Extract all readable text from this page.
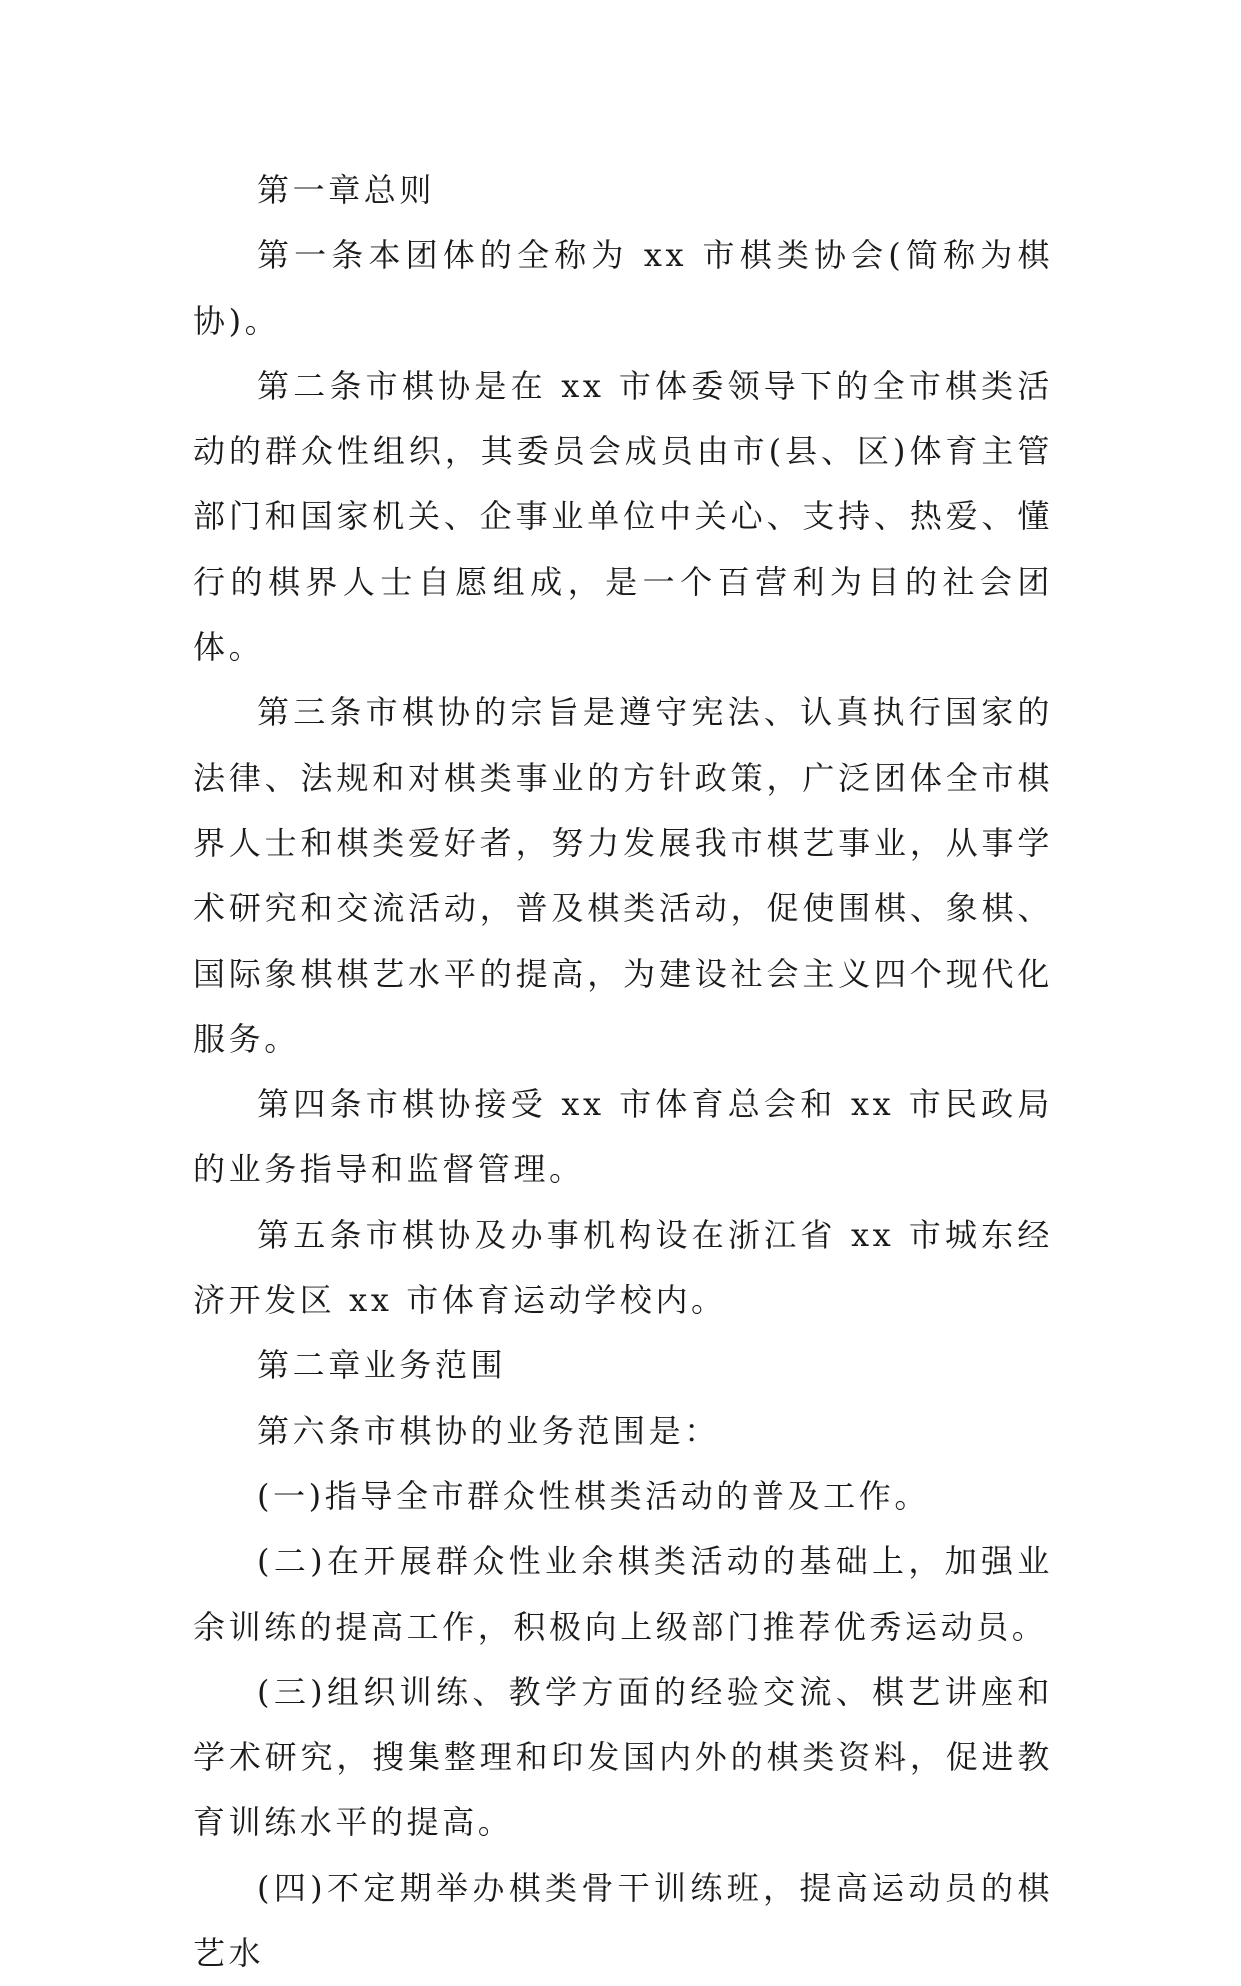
第一章总则

第一条本团体的全称为 xx 市棋类协会(简称为棋协)。

第二条市棋协是在 xx 市体委领导下的全市棋类活动的群众性组织，其委员会成员由市(县、区)体育主管部门和国家机关、企事业单位中关心、支持、热爱、懂行的棋界人士自愿组成，是一个百营利为目的社会团体。

第三条市棋协的宗旨是遵守宪法、认真执行国家的法律、法规和对棋类事业的方针政策，广泛团体全市棋界人士和棋类爱好者，努力发展我市棋艺事业，从事学术研究和交流活动，普及棋类活动，促使围棋、象棋、国际象棋棋艺水平的提高，为建设社会主义四个现代化服务。

第四条市棋协接受 xx 市体育总会和 xx 市民政局的业务指导和监督管理。

第五条市棋协及办事机构设在浙江省 xx 市城东经济开发区 xx 市体育运动学校内。

第二章业务范围

第六条市棋协的业务范围是：

(一)指导全市群众性棋类活动的普及工作。

(二)在开展群众性业余棋类活动的基础上，加强业余训练的提高工作，积极向上级部门推荐优秀运动员。

(三)组织训练、教学方面的经验交流、棋艺讲座和学术研究，搜集整理和印发国内外的棋类资料，促进教育训练水平的提高。

(四)不定期举办棋类骨干训练班，提高运动员的棋艺水
